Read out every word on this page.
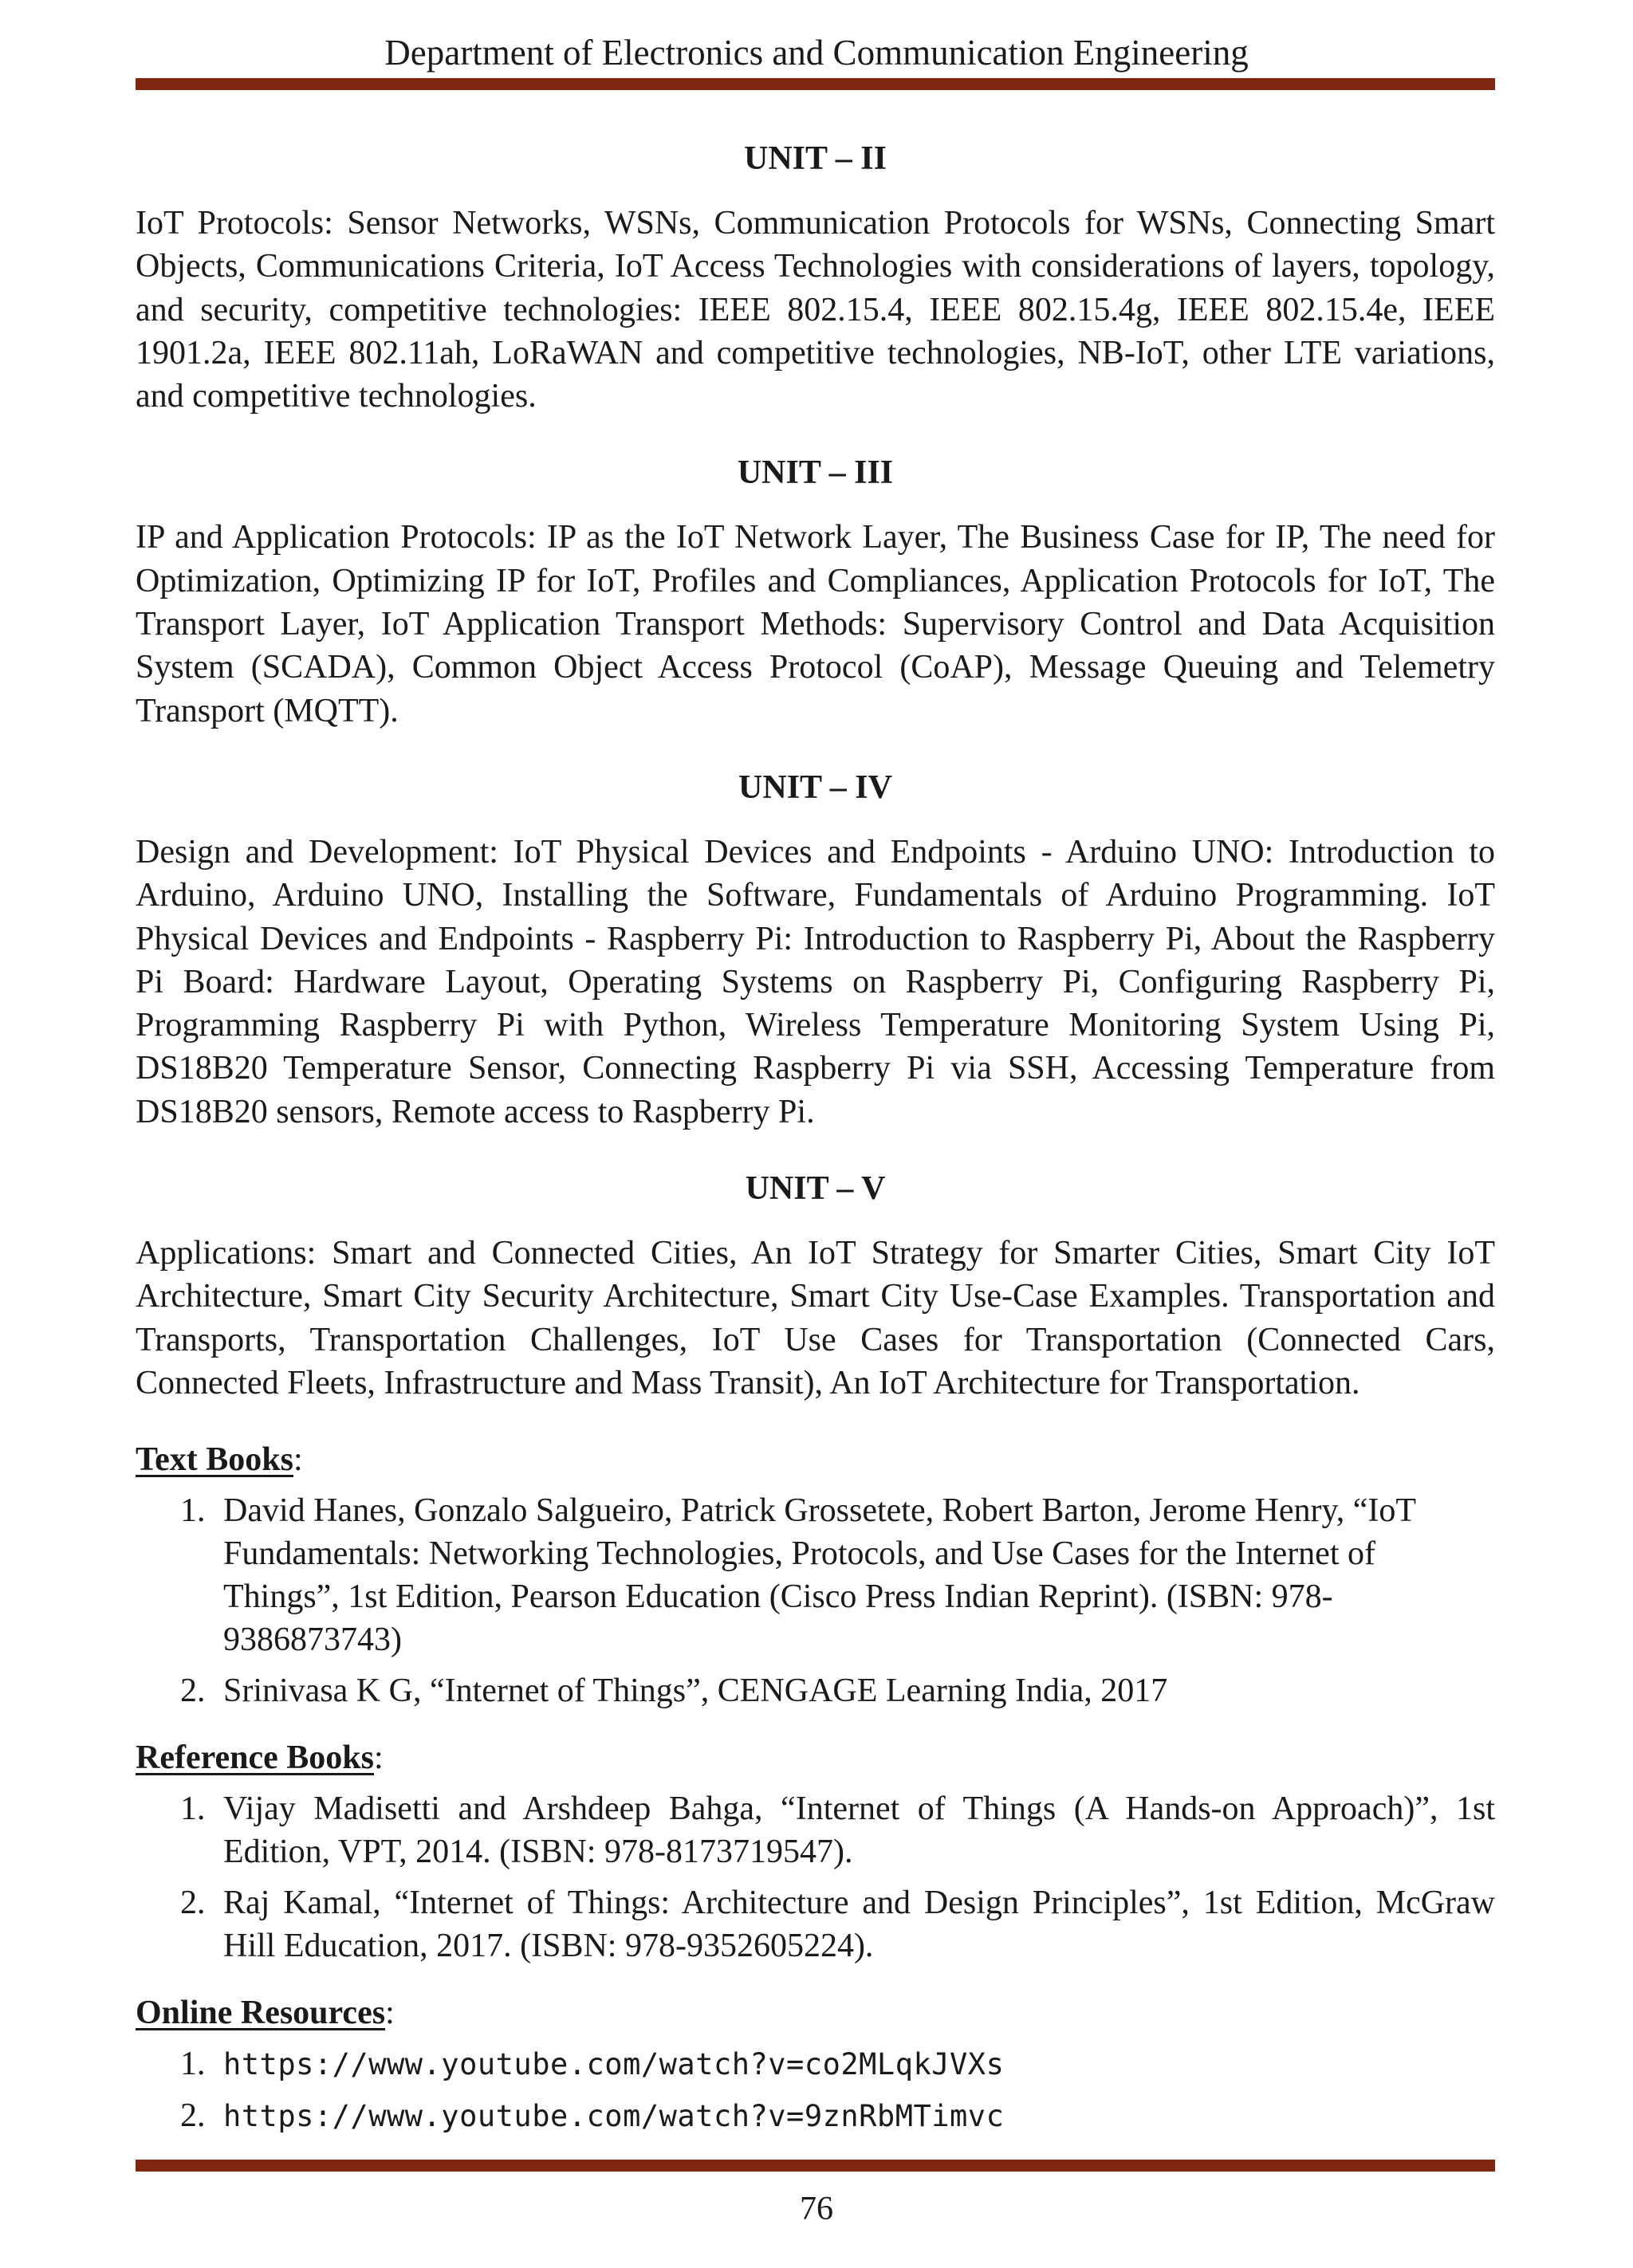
Department of Electronics and Communication Engineering
UNIT – II
IoT Protocols: Sensor Networks, WSNs, Communication Protocols for WSNs, Connecting Smart Objects, Communications Criteria, IoT Access Technologies with considerations of layers, topology, and security, competitive technologies: IEEE 802.15.4, IEEE 802.15.4g, IEEE 802.15.4e, IEEE 1901.2a, IEEE 802.11ah, LoRaWAN and competitive technologies, NB-IoT, other LTE variations, and competitive technologies.
UNIT – III
IP and Application Protocols: IP as the IoT Network Layer, The Business Case for IP, The need for Optimization, Optimizing IP for IoT, Profiles and Compliances, Application Protocols for IoT, The Transport Layer, IoT Application Transport Methods: Supervisory Control and Data Acquisition System (SCADA), Common Object Access Protocol (CoAP), Message Queuing and Telemetry Transport (MQTT).
UNIT – IV
Design and Development: IoT Physical Devices and Endpoints - Arduino UNO: Introduction to Arduino, Arduino UNO, Installing the Software, Fundamentals of Arduino Programming. IoT Physical Devices and Endpoints - Raspberry Pi: Introduction to Raspberry Pi, About the Raspberry Pi Board: Hardware Layout, Operating Systems on Raspberry Pi, Configuring Raspberry Pi, Programming Raspberry Pi with Python, Wireless Temperature Monitoring System Using Pi, DS18B20 Temperature Sensor, Connecting Raspberry Pi via SSH, Accessing Temperature from DS18B20 sensors, Remote access to Raspberry Pi.
UNIT – V
Applications: Smart and Connected Cities, An IoT Strategy for Smarter Cities, Smart City IoT Architecture, Smart City Security Architecture, Smart City Use-Case Examples. Transportation and Transports, Transportation Challenges, IoT Use Cases for Transportation (Connected Cars, Connected Fleets, Infrastructure and Mass Transit), An IoT Architecture for Transportation.
Text Books:
1. David Hanes, Gonzalo Salgueiro, Patrick Grossetete, Robert Barton, Jerome Henry, “IoT Fundamentals: Networking Technologies, Protocols, and Use Cases for the Internet of Things”, 1st Edition, Pearson Education (Cisco Press Indian Reprint). (ISBN: 978-9386873743)
2. Srinivasa K G, “Internet of Things”, CENGAGE Learning India, 2017
Reference Books:
1. Vijay Madisetti and Arshdeep Bahga, “Internet of Things (A Hands-on Approach)”, 1st Edition, VPT, 2014. (ISBN: 978-8173719547).
2. Raj Kamal, “Internet of Things: Architecture and Design Principles”, 1st Edition, McGraw Hill Education, 2017. (ISBN: 978-9352605224).
Online Resources:
1. https://www.youtube.com/watch?v=co2MLqkJVXs
2. https://www.youtube.com/watch?v=9znRbMTimvc
76
